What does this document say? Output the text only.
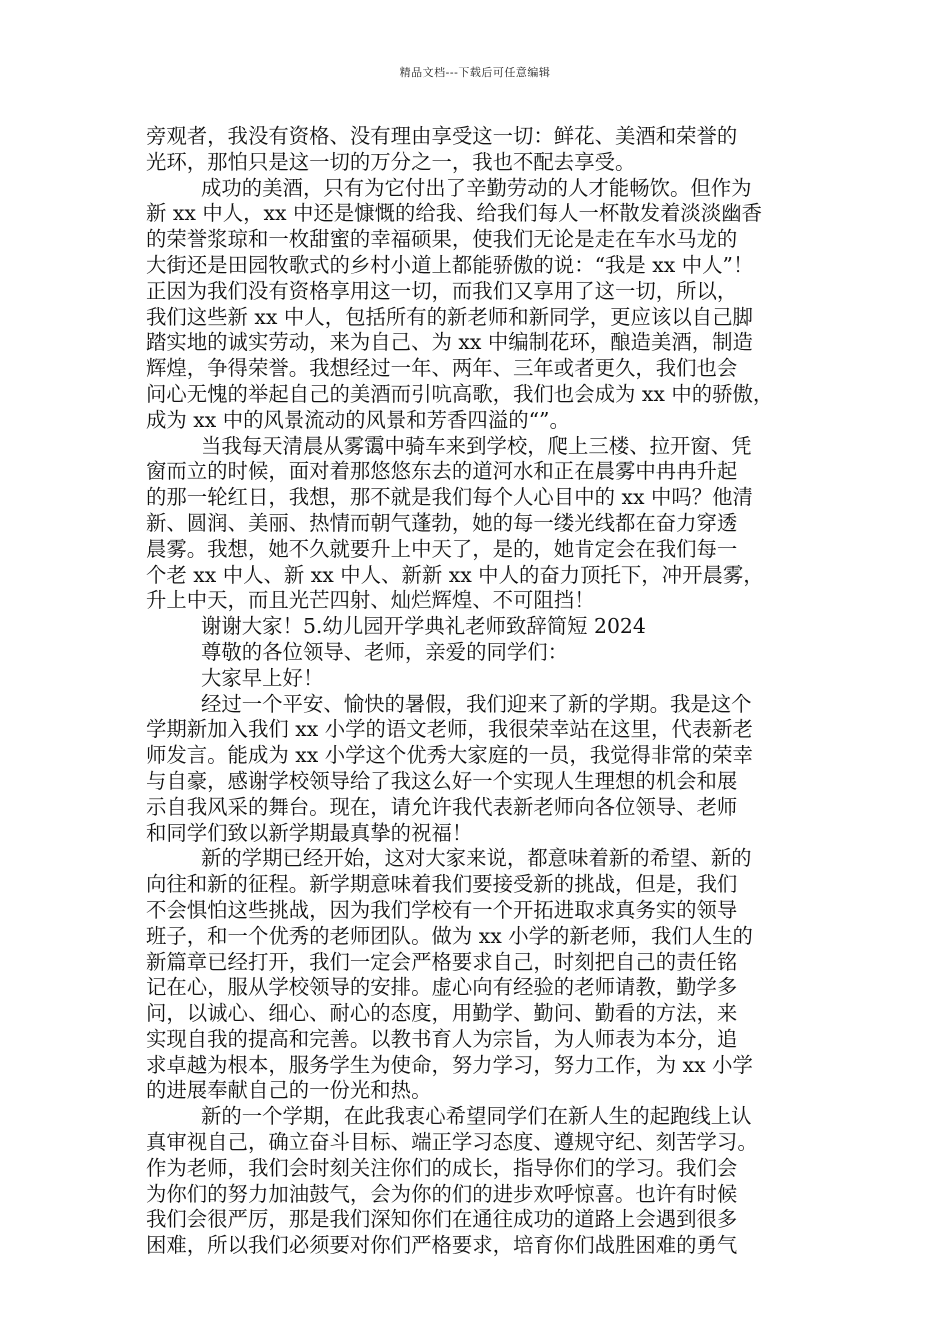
精品文档---下载后可任意编辑
旁观者，我没有资格、没有理由享受这一切：鲜花、美酒和荣誉的
光环，那怕只是这一切的万分之一，我也不配去享受。
成功的美酒，只有为它付出了辛勤劳动的人才能畅饮。但作为
新 xx 中人，xx 中还是慷慨的给我、给我们每人一杯散发着淡淡幽香
的荣誉浆琼和一枚甜蜜的幸福硕果，使我们无论是走在车水马龙的
大街还是田园牧歌式的乡村小道上都能骄傲的说：“我是 xx 中人”！
正因为我们没有资格享用这一切，而我们又享用了这一切，所以，
我们这些新 xx 中人，包括所有的新老师和新同学，更应该以自己脚
踏实地的诚实劳动，来为自己、为 xx 中编制花环，酿造美酒，制造
辉煌，争得荣誉。我想经过一年、两年、三年或者更久，我们也会
问心无愧的举起自己的美酒而引吭高歌，我们也会成为 xx 中的骄傲，
成为 xx 中的风景流动的风景和芳香四溢的“”。
当我每天清晨从雾霭中骑车来到学校，爬上三楼、拉开窗、凭
窗而立的时候，面对着那悠悠东去的道河水和正在晨雾中冉冉升起
的那一轮红日，我想，那不就是我们每个人心目中的 xx 中吗？他清
新、圆润、美丽、热情而朝气蓬勃，她的每一缕光线都在奋力穿透
晨雾。我想，她不久就要升上中天了，是的，她肯定会在我们每一
个老 xx 中人、新 xx 中人、新新 xx 中人的奋力顶托下，冲开晨雾，
升上中天，而且光芒四射、灿烂辉煌、不可阻挡！
谢谢大家！5.幼儿园开学典礼老师致辞简短 2024
尊敬的各位领导、老师，亲爱的同学们：
大家早上好！
经过一个平安、愉快的暑假，我们迎来了新的学期。我是这个
学期新加入我们 xx 小学的语文老师，我很荣幸站在这里，代表新老
师发言。能成为 xx 小学这个优秀大家庭的一员，我觉得非常的荣幸
与自豪，感谢学校领导给了我这么好一个实现人生理想的机会和展
示自我风采的舞台。现在，请允许我代表新老师向各位领导、老师
和同学们致以新学期最真挚的祝福！
新的学期已经开始，这对大家来说，都意味着新的希望、新的
向往和新的征程。新学期意味着我们要接受新的挑战，但是，我们
不会惧怕这些挑战，因为我们学校有一个开拓进取求真务实的领导
班子，和一个优秀的老师团队。做为 xx 小学的新老师，我们人生的
新篇章已经打开，我们一定会严格要求自己，时刻把自己的责任铭
记在心，服从学校领导的安排。虚心向有经验的老师请教，勤学多
问，以诚心、细心、耐心的态度，用勤学、勤问、勤看的方法，来
实现自我的提高和完善。以教书育人为宗旨，为人师表为本分，追
求卓越为根本，服务学生为使命，努力学习，努力工作，为 xx 小学
的进展奉献自己的一份光和热。
新的一个学期，在此我衷心希望同学们在新人生的起跑线上认
真审视自己，确立奋斗目标、端正学习态度、遵规守纪、刻苦学习。
作为老师，我们会时刻关注你们的成长，指导你们的学习。我们会
为你们的努力加油鼓气，会为你的们的进步欢呼惊喜。也许有时候
我们会很严厉，那是我们深知你们在通往成功的道路上会遇到很多
困难，所以我们必须要对你们严格要求，培育你们战胜困难的勇气
